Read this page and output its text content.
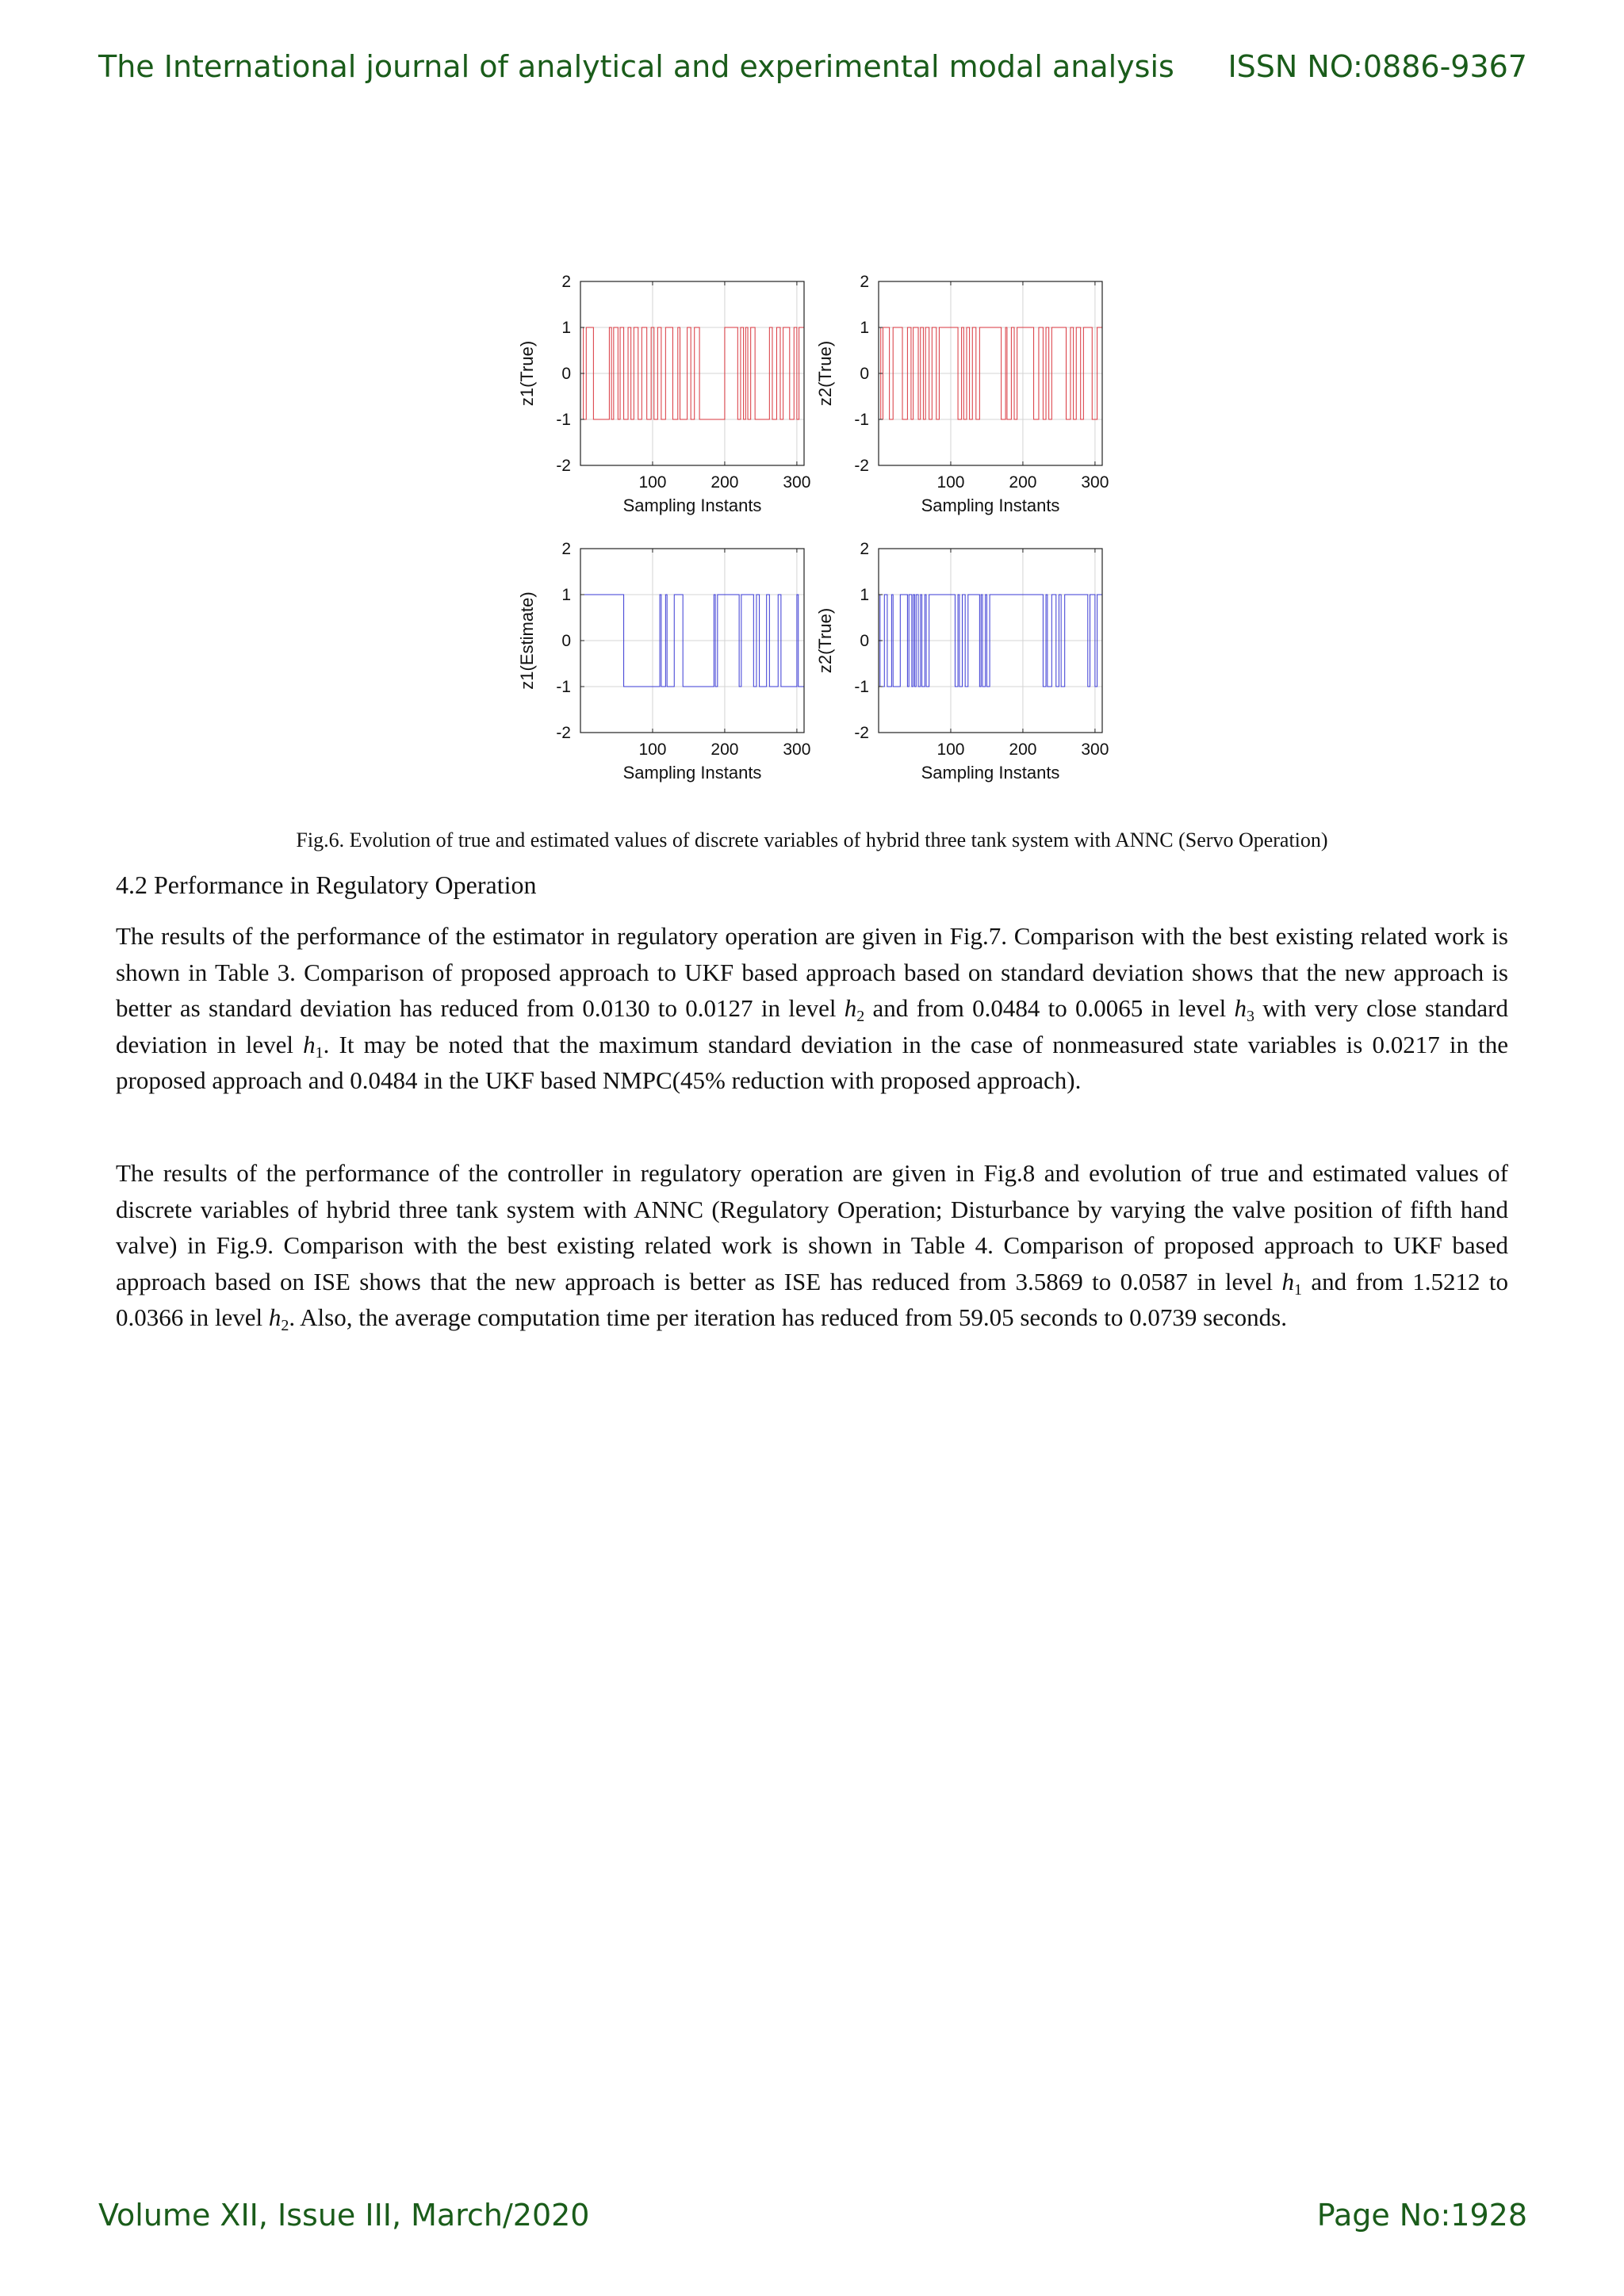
The International journal of analytical and experimental modal analysis ISSN NO:0886-9367
100	200	300
-2
-1
0
1
2
Sampling Instants
z1(True)
100	200	300
-2
-1
0
1
2
Sampling Instants
z2(True)
100	200	300
-2
-1
0
1
2
Sampling Instants
z1(Estimate)
100	200	300
-2
-1
0
1
2
Sampling Instants
z2(True)
Fig.6. Evolution of true and estimated values of discrete variables of hybrid three tank system with ANNC (Servo Operation)
4.2 Performance in Regulatory Operation

The results of the performance of the estimator in regulatory operation are given in Fig.7. Comparison with the best existing related work is shown in Table 3. Comparison of proposed approach to UKF based approach based on standard deviation shows that the new approach is better as standard deviation has reduced from 0.0130 to 0.0127 in level $h_2$ and from 0.0484 to 0.0065 in level $h_3$ with very close standard deviation in level $h_1$. It may be noted that the maximum standard deviation in the case of nonmeasured state variables is 0.0217 in the proposed approach and 0.0484 in the UKF based NMPC(45% reduction with proposed approach).

The results of the performance of the controller in regulatory operation are given in Fig.8 and evolution of true and estimated values of discrete variables of hybrid three tank system with ANNC (Regulatory Operation; Disturbance by varying the valve position of fifth hand valve) in Fig.9. Comparison with the best existing related work is shown in Table 4. Comparison of proposed approach to UKF based approach based on ISE shows that the new approach is better as ISE has reduced from 3.5869 to 0.0587 in level $h_1$ and from 1.5212 to 0.0366 in level $h_2$. Also, the average computation time per iteration has reduced from 59.05 seconds to 0.0739 seconds.

Volume XII, Issue III, March/2020	Page No:1928
